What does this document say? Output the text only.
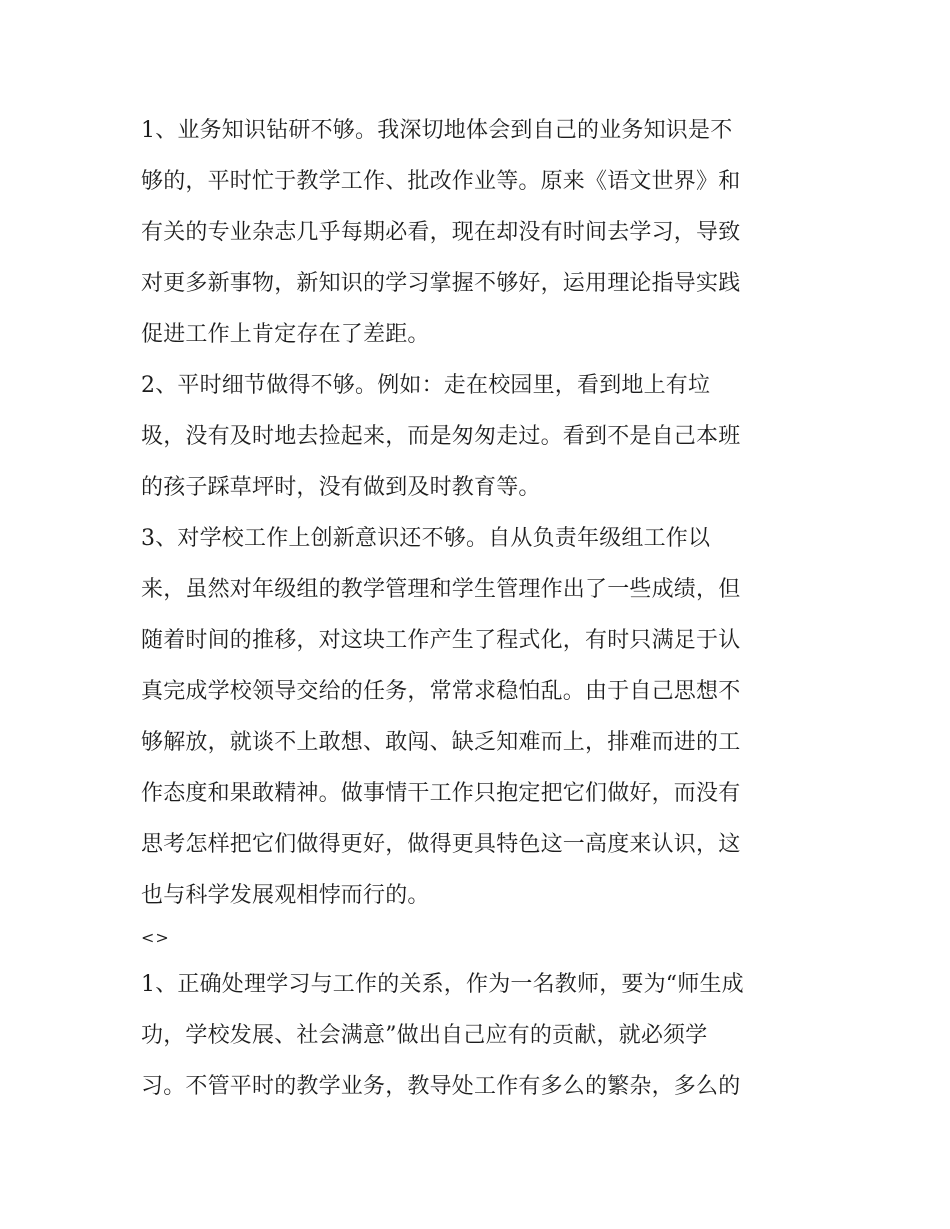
1、业务知识钻研不够。我深切地体会到自己的业务知识是不
够的，平时忙于教学工作、批改作业等。原来《语文世界》和
有关的专业杂志几乎每期必看，现在却没有时间去学习，导致
对更多新事物，新知识的学习掌握不够好，运用理论指导实践
促进工作上肯定存在了差距。
2、平时细节做得不够。例如：走在校园里，看到地上有垃
圾，没有及时地去捡起来，而是匆匆走过。看到不是自己本班
的孩子踩草坪时，没有做到及时教育等。
3、对学校工作上创新意识还不够。自从负责年级组工作以
来，虽然对年级组的教学管理和学生管理作出了一些成绩，但
随着时间的推移，对这块工作产生了程式化，有时只满足于认
真完成学校领导交给的任务，常常求稳怕乱。由于自己思想不
够解放，就谈不上敢想、敢闯、缺乏知难而上，排难而进的工
作态度和果敢精神。做事情干工作只抱定把它们做好，而没有
思考怎样把它们做得更好，做得更具特色这一高度来认识，这
也与科学发展观相悖而行的。
<>
1、正确处理学习与工作的关系，作为一名教师，要为“师生成
功，学校发展、社会满意”做出自己应有的贡献，就必须学
习。不管平时的教学业务，教导处工作有多么的繁杂，多么的
